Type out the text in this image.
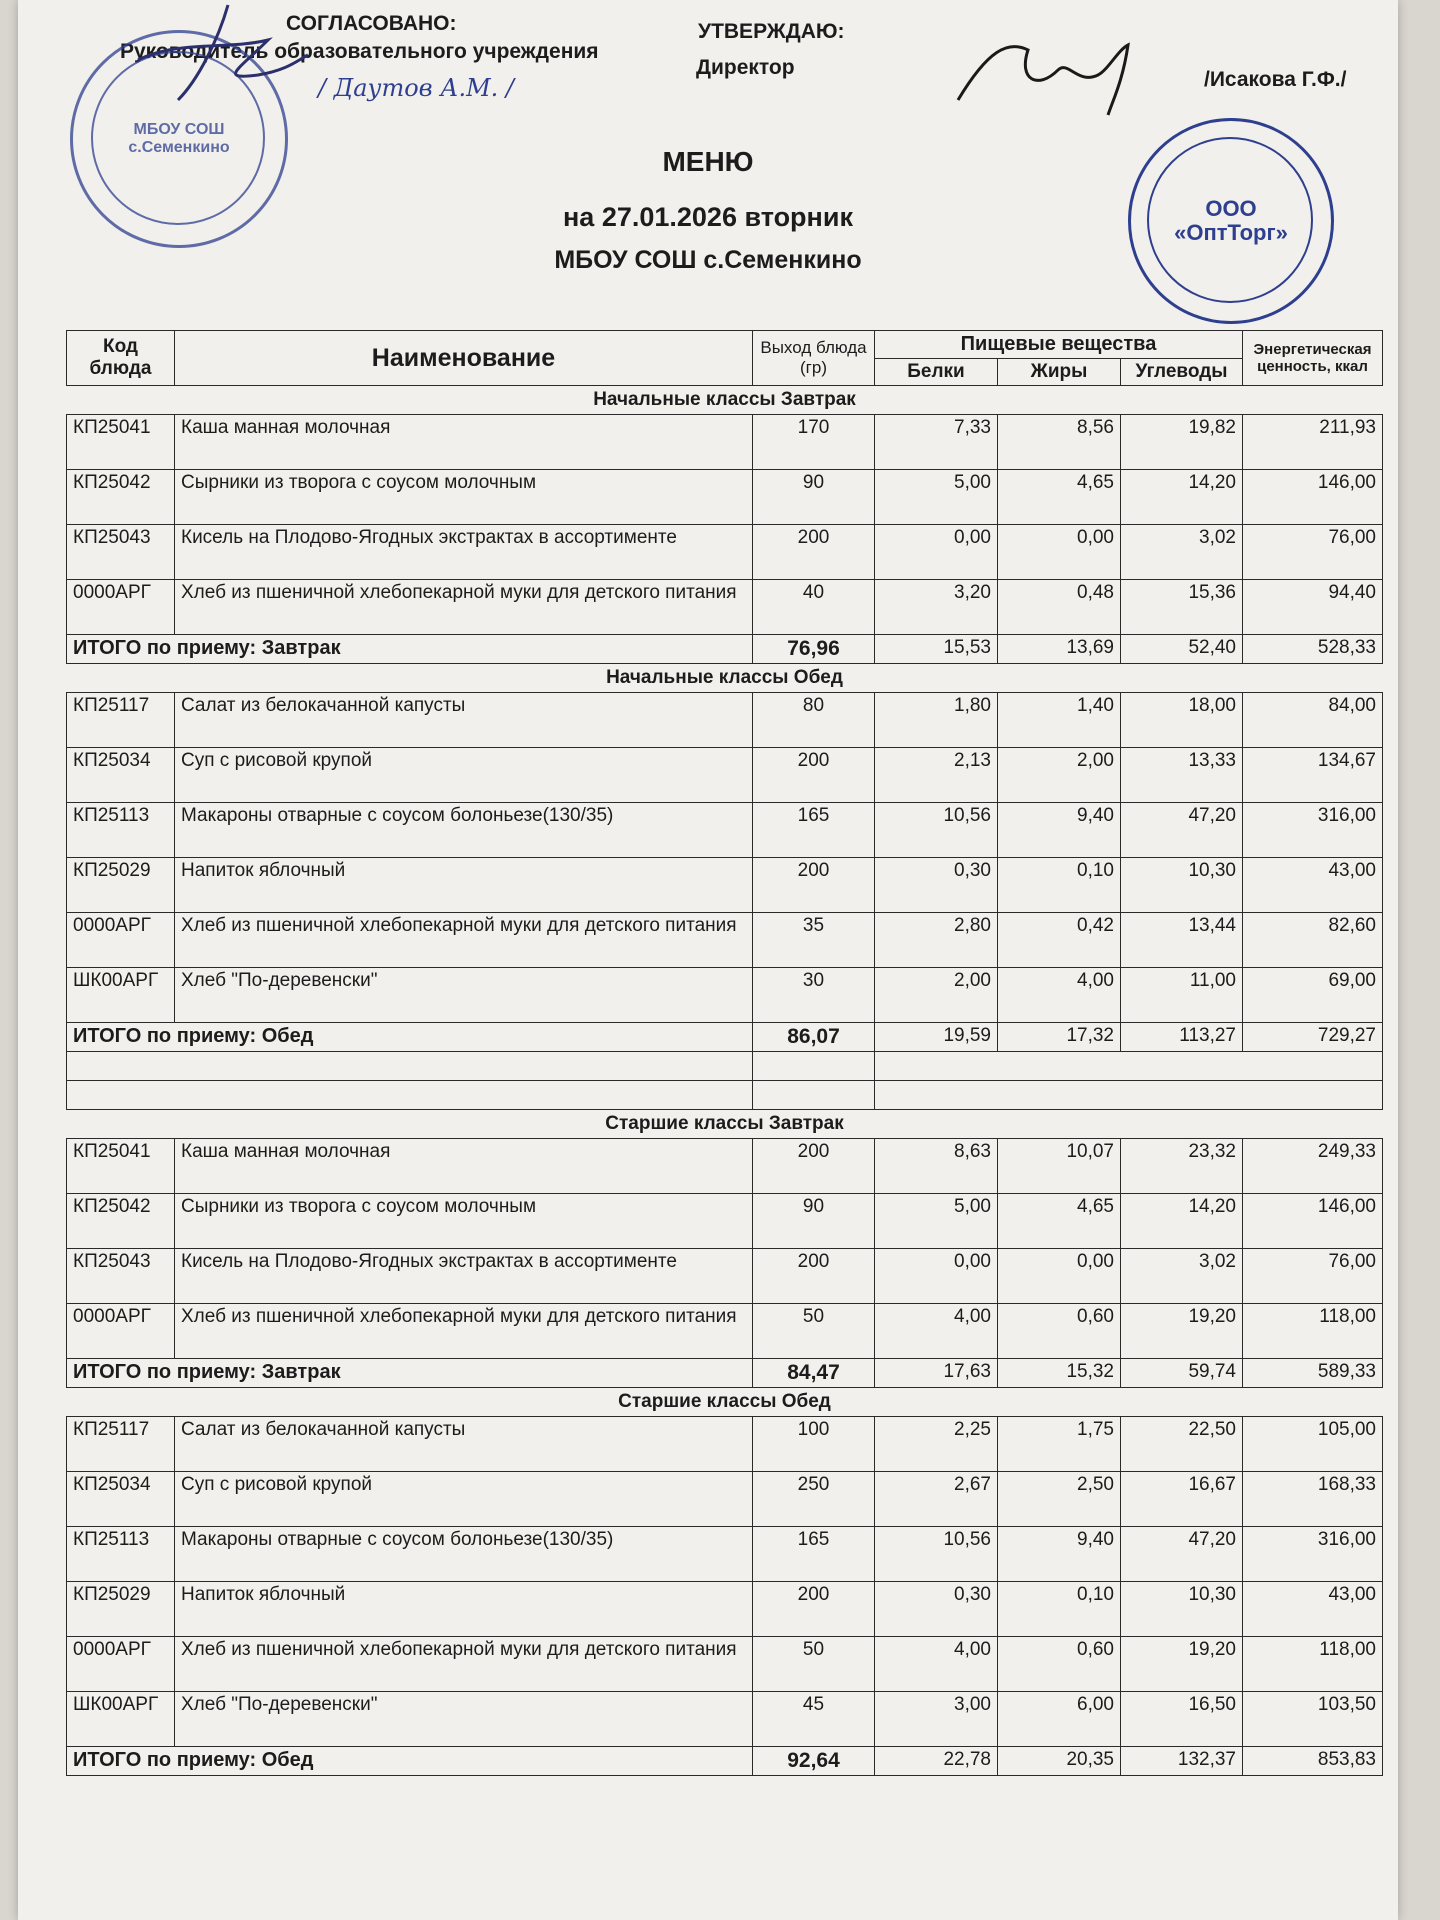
СОГЛАСОВАНО:
Руководитель образовательного учреждения
/ Даутов А.М. /
УТВЕРЖДАЮ:
Директор
/Исакова Г.Ф./
МБОУ СОШ с.Семенкино
ООО «ОптТорг»
МЕНЮ
на 27.01.2026 вторник
МБОУ СОШ с.Семенкино
Код блюда	Наименование	Выход блюда (гр)	Пищевые вещества			Энергетическая ценность, ккал
			Белки	Жиры	Углеводы	
Начальные классы Завтрак						
КП25041	Каша манная молочная	170	7,33	8,56	19,82	211,93
КП25042	Сырники из творога с соусом молочным	90	5,00	4,65	14,20	146,00
КП25043	Кисель на Плодово-Ягодных экстрактах в ассортименте	200	0,00	0,00	3,02	76,00
0000АРГ	Хлеб из пшеничной хлебопекарной муки для детского питания	40	3,20	0,48	15,36	94,40
ИТОГО по приему: Завтрак		76,96	15,53	13,69	52,40	528,33
Начальные классы Обед						
КП25117	Салат из белокачанной капусты	80	1,80	1,40	18,00	84,00
КП25034	Суп с рисовой крупой	200	2,13	2,00	13,33	134,67
КП25113	Макароны отварные с соусом болоньезе(130/35)	165	10,56	9,40	47,20	316,00
КП25029	Напиток яблочный	200	0,30	0,10	10,30	43,00
0000АРГ	Хлеб из пшеничной хлебопекарной муки для детского питания	35	2,80	0,42	13,44	82,60
ШК00АРГ	Хлеб "По-деревенски"	30	2,00	4,00	11,00	69,00
ИТОГО по приему: Обед		86,07	19,59	17,32	113,27	729,27

Старшие классы Завтрак						
КП25041	Каша манная молочная	200	8,63	10,07	23,32	249,33
КП25042	Сырники из творога с соусом молочным	90	5,00	4,65	14,20	146,00
КП25043	Кисель на Плодово-Ягодных экстрактах в ассортименте	200	0,00	0,00	3,02	76,00
0000АРГ	Хлеб из пшеничной хлебопекарной муки для детского питания	50	4,00	0,60	19,20	118,00
ИТОГО по приему: Завтрак		84,47	17,63	15,32	59,74	589,33
Старшие классы Обед						
КП25117	Салат из белокачанной капусты	100	2,25	1,75	22,50	105,00
КП25034	Суп с рисовой крупой	250	2,67	2,50	16,67	168,33
КП25113	Макароны отварные с соусом болоньезе(130/35)	165	10,56	9,40	47,20	316,00
КП25029	Напиток яблочный	200	0,30	0,10	10,30	43,00
0000АРГ	Хлеб из пшеничной хлебопекарной муки для детского питания	50	4,00	0,60	19,20	118,00
ШК00АРГ	Хлеб "По-деревенски"	45	3,00	6,00	16,50	103,50
ИТОГО по приему: Обед		92,64	22,78	20,35	132,37	853,83
